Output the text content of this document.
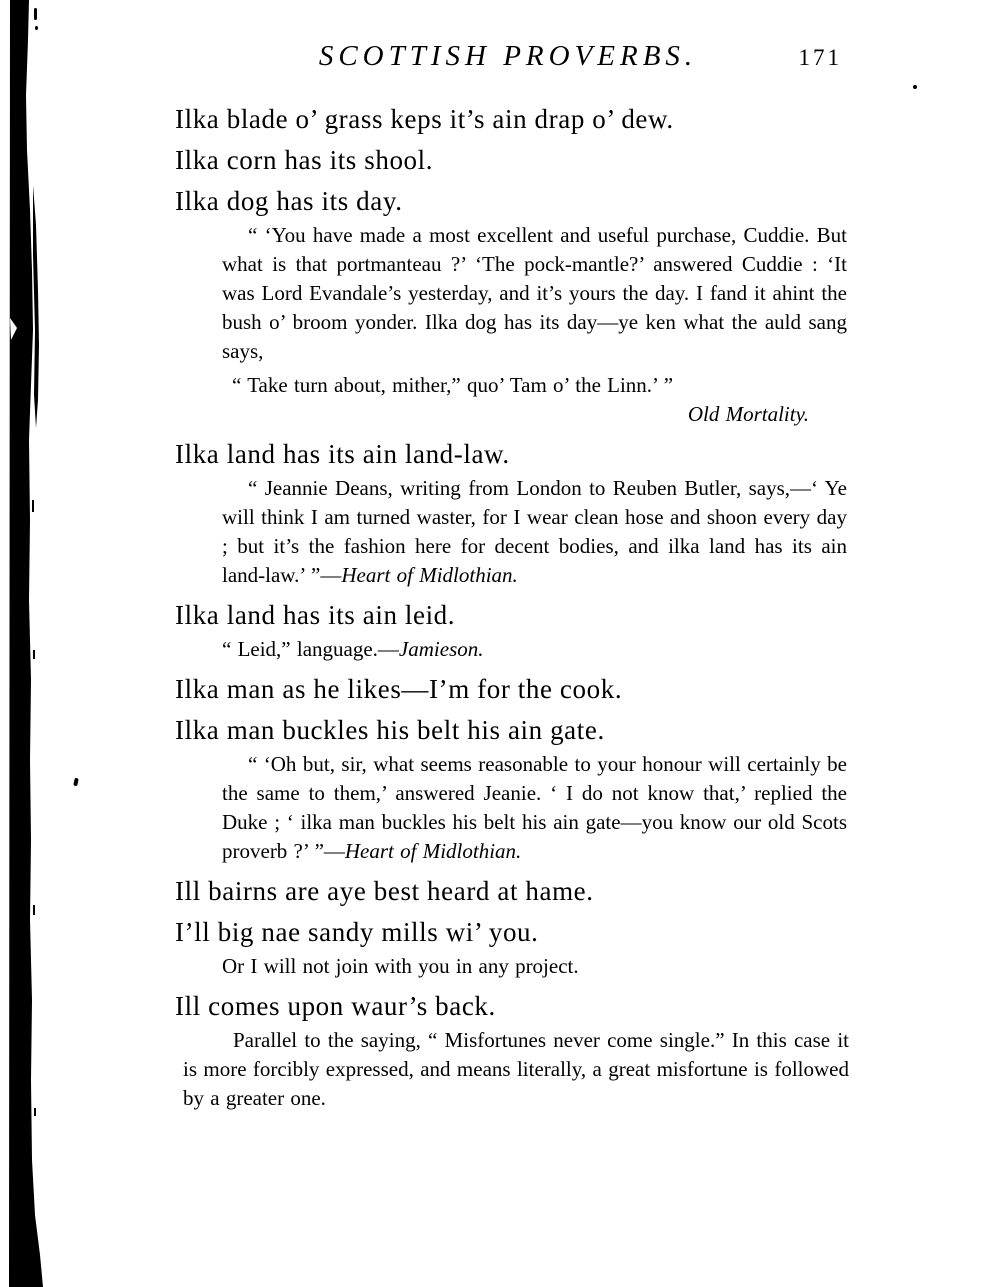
SCOTTISH PROVERBS.	171
Ilka blade o’ grass keps it’s ain drap o’ dew.
Ilka corn has its shool.
Ilka dog has its day.

“ ‘You have made a most excellent and useful purchase, Cuddie. But what is that portmanteau ?’ ‘The pock-mantle?’ answered Cuddie : ‘It was Lord Evandale’s yesterday, and it’s yours the day. I fand it ahint the bush o’ broom yonder. Ilka dog has its day—ye ken what the auld sang says,

“ Take turn about, mither,” quo’ Tam o’ the Linn.’ ”

Old Mortality.

Ilka land has its ain land-law.

“ Jeannie Deans, writing from London to Reuben Butler, says,—‘ Ye will think I am turned waster, for I wear clean hose and shoon every day ; but it’s the fashion here for decent bodies, and ilka land has its ain land-law.’ ”—Heart of Midlothian.

Ilka land has its ain leid.

“ Leid,” language.—Jamieson.

Ilka man as he likes—I’m for the cook.
Ilka man buckles his belt his ain gate.

“ ‘Oh but, sir, what seems reasonable to your honour will certainly be the same to them,’ answered Jeanie. ‘ I do not know that,’ replied the Duke ; ‘ ilka man buckles his belt his ain gate—you know our old Scots proverb ?’ ”—Heart of Midlothian.

Ill bairns are aye best heard at hame.
I’ll big nae sandy mills wi’ you.

Or I will not join with you in any project.

Ill comes upon waur’s back.

Parallel to the saying, “ Misfortunes never come single.” In this case it is more forcibly expressed, and means literally, a great misfortune is followed by a greater one.
